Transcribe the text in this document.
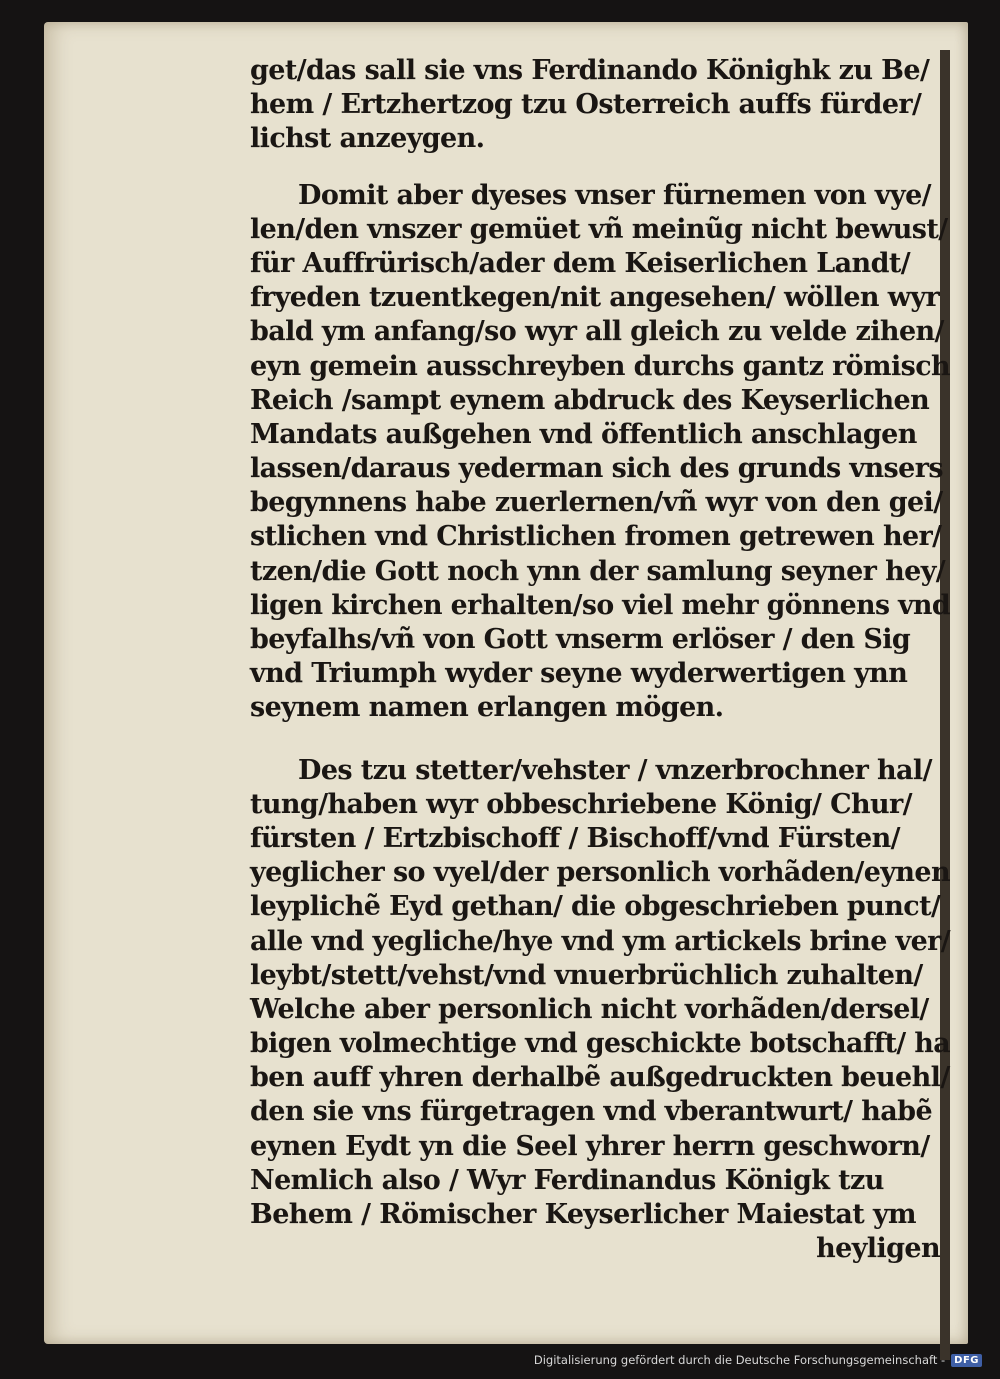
get/das sall sie vns Ferdinando Könighk zu Be/
hem / Ertzhertzog tzu Osterreich auffs fürder/
lichst anzeygen.
Domit aber dyeses vnser fürnemen von vye/
len/den vnszer gemüet vñ meinũg nicht bewust/
für Auffrürisch/ader dem Keiserlichen Landt/
fryeden tzuentkegen/nit angesehen/ wöllen wyr
bald ym anfang/so wyr all gleich zu velde zihen/
eyn gemein ausschreyben durchs gantz römisch
Reich /sampt eynem abdruck des Keyserlichen
Mandats außgehen vnd öffentlich anschlagen
lassen/daraus yederman sich des grunds vnsers
begynnens habe zuerlernen/vñ wyr von den gei/
stlichen vnd Christlichen fromen getrewen her/
tzen/die Gott noch ynn der samlung seyner hey/
ligen kirchen erhalten/so viel mehr gönnens vnd
beyfalhs/vñ von Gott vnserm erlöser / den Sig
vnd Triumph wyder seyne wyderwertigen ynn
seynem namen erlangen mögen.
Des tzu stetter/vehster / vnzerbrochner hal/
tung/haben wyr obbeschriebene König/ Chur/
fürsten / Ertzbischoff / Bischoff/vnd Fürsten/
yeglicher so vyel/der personlich vorhãden/eynen
leyplichẽ Eyd gethan/ die obgeschrieben punct/
alle vnd yegliche/hye vnd ym artickels brine ver/
leybt/stett/vehst/vnd vnuerbrüchlich zuhalten/
Welche aber personlich nicht vorhãden/dersel/
bigen volmechtige vnd geschickte botschafft/ ha
ben auff yhren derhalbẽ außgedruckten beuehl/
den sie vns fürgetragen vnd vberantwurt/ habẽ
eynen Eydt yn die Seel yhrer herrn geschworn/
Nemlich also / Wyr Ferdinandus Königk tzu
Behem / Römischer Keyserlicher Maiestat ym
heyligen
Digitalisierung gefördert durch die Deutsche Forschungsgemeinschaft - DFG
